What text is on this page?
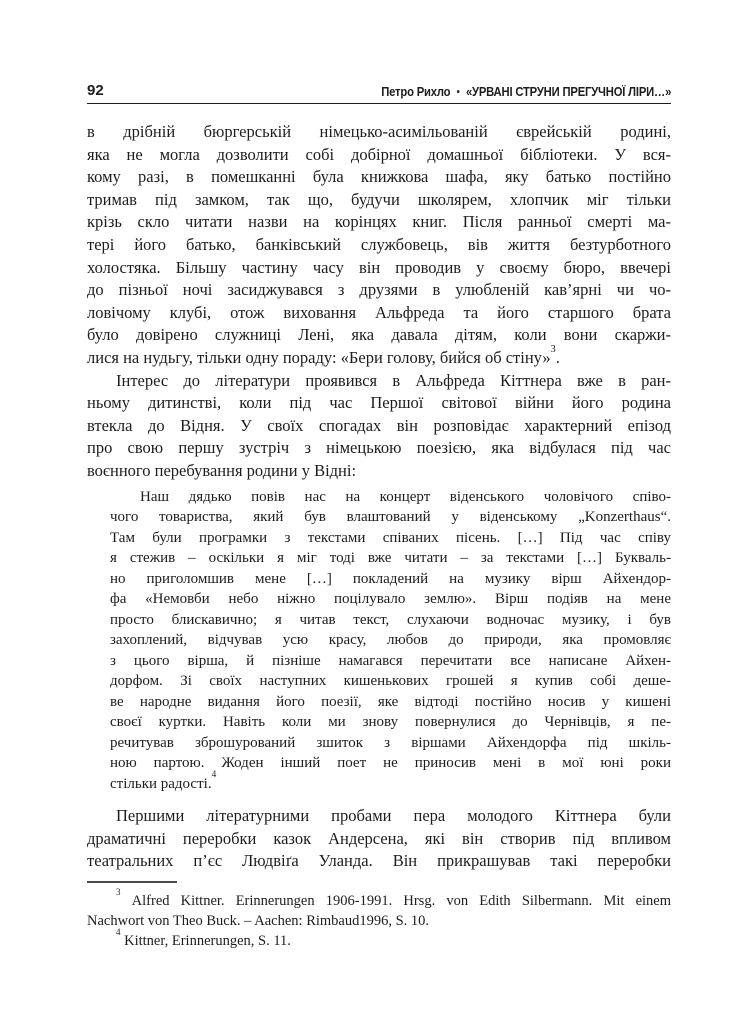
92	Петро Рихло • «УРВАНІ СТРУНИ ПРЕГУЧНОЇ ЛІРИ…»
в дрібній бюргерській німецько-асимільованій єврейській родині,
яка не могла дозволити собі добірної домашньої бібліотеки. У вся-
кому разі, в помешканні була книжкова шафа, яку батько постійно
тримав під замком, так що, будучи школярем, хлопчик міг тільки
крізь скло читати назви на корінцях книг. Після ранньої смерті ма-
тері його батько, банківський службовець, вів життя безтурботного
холостяка. Більшу частину часу він проводив у своєму бюро, ввечері
до пізньої ночі засиджувався з друзями в улюбленій кав’ярні чи чо-
ловічому клубі, отож виховання Альфреда та його старшого брата
було довірено служниці Лені, яка давала дітям, коли вони скаржи-
лися на нудьгу, тільки одну пораду: «Бери голову, бийся об стіну»$^3$.
Інтерес до літератури проявився в Альфреда Кіттнера вже в ран-
ньому дитинстві, коли під час Першої світової війни його родина
втекла до Відня. У своїх спогадах він розповідає характерний епізод
про свою першу зустріч з німецькою поезією, яка відбулася під час
воєнного перебування родини у Відні:
Наш дядько повів нас на концерт віденського чоловічого співо-
чого товариства, який був влаштований у віденському „Konzerthaus“.
Там були програмки з текстами співаних пісень. […] Під час співу
я стежив – оскільки я міг тоді вже читати – за текстами […] Букваль-
но приголомшив мене […] покладений на музику вірш Айхендор-
фа «Немовби небо ніжно поцілувало землю». Вірш подіяв на мене
просто блискавично; я читав текст, слухаючи водночас музику, і був
захоплений, відчував усю красу, любов до природи, яка промовляє
з цього вірша, й пізніше намагався перечитати все написане Айхен-
дорфом. Зі своїх наступних кишенькових грошей я купив собі деше-
ве народне видання його поезії, яке відтоді постійно носив у кишені
своєї куртки. Навіть коли ми знову повернулися до Чернівців, я пе-
речитував зброшурований зшиток з віршами Айхендорфа під шкіль-
ною партою. Жоден інший поет не приносив мені в мої юні роки
стільки радості.$^4$
Першими літературними пробами пера молодого Кіттнера були
драматичні переробки казок Андерсена, які він створив під впливом
театральних п’єс Людвіґа Уланда. Він прикрашував такі переробки
$^3$ Alfred Kittner. Erinnerungen 1906-1991. Hrsg. von Edith Silbermann. Mit einem
Nachwort von Theo Buck. – Aachen: Rimbaud1996, S. 10.
$^4$ Kittner, Erinnerungen, S. 11.
